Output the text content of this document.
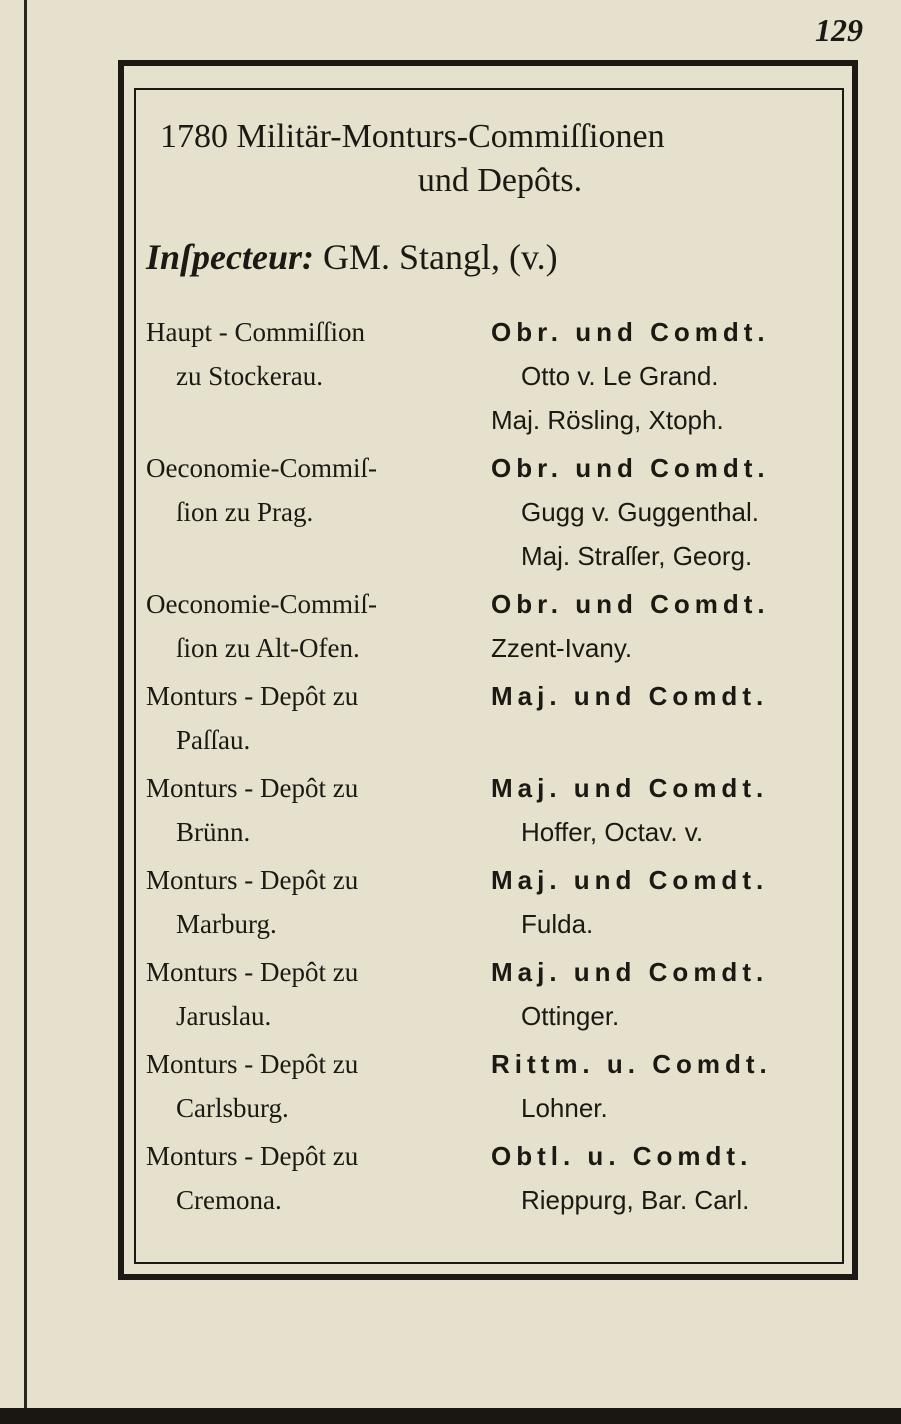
129
1780 Militär-Monturs-Commiſſionen
und Depôts.
Inſpecteur: GM. Stangl, (v.)
Haupt - Commiſſion
zu Stockerau.
Obr. und Comdt.
Otto v. Le Grand.
Maj. Rösling, Xtoph.
Oeconomie-Commiſ-
ſion zu Prag.
Obr. und Comdt.
Gugg v. Guggenthal.
Maj. Straſſer, Georg.
Oeconomie-Commiſ-
ſion zu Alt-Ofen.
Obr. und Comdt.
Zzent-Ivany.
Monturs - Depôt zu
Paſſau.
Maj. und Comdt.
Monturs - Depôt zu
Brünn.
Maj. und Comdt.
Hoffer, Octav. v.
Monturs - Depôt zu
Marburg.
Maj. und Comdt.
Fulda.
Monturs - Depôt zu
Jaruslau.
Maj. und Comdt.
Ottinger.
Monturs - Depôt zu
Carlsburg.
Rittm. u. Comdt.
Lohner.
Monturs - Depôt zu
Cremona.
Obtl. u. Comdt.
Rieppurg, Bar. Carl.
